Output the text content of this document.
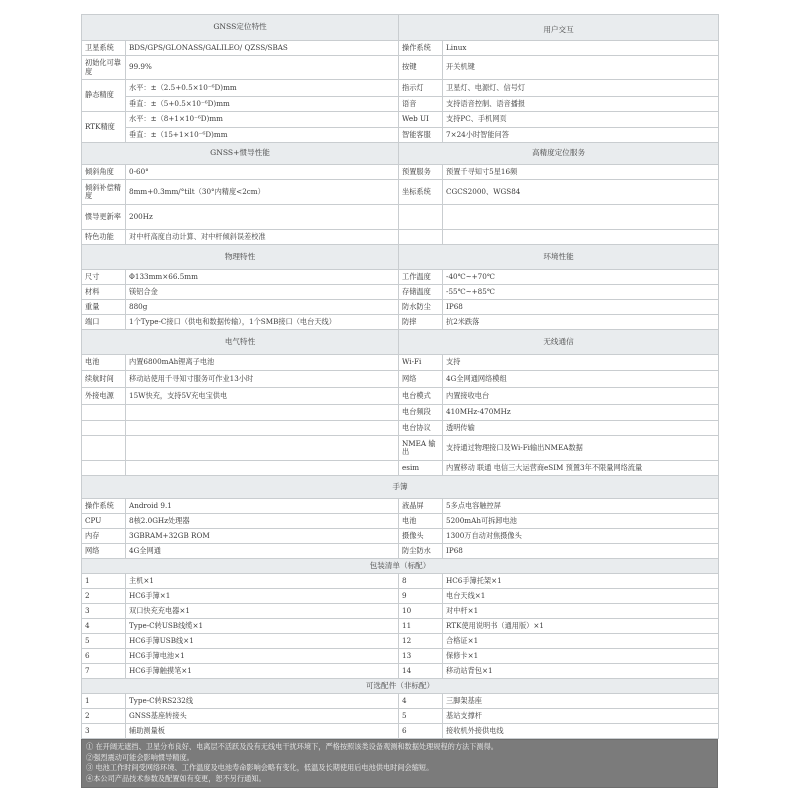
GNSS定位特性		用户交互	
卫星系统	BDS/GPS/GLONASS/GALILEO/ QZSS/SBAS	操作系统	Linux
初始化可靠度	99.9%	按键	开关机键
静态精度	水平：±（2.5+0.5×10⁻⁶D)mm	指示灯	卫星灯、电源灯、信号灯
	垂直：±（5+0.5×10⁻⁶D)mm	语音	支持语音控制、语音播报
RTK精度	水平：±（8+1×10⁻⁶D)mm	Web UI	支持PC、手机网页
	垂直：±（15+1×10⁻⁶D)mm	智能客服	7×24小时智能问答
GNSS+惯导性能		高精度定位服务	
倾斜角度	0-60°	预置服务	预置千寻知寸5星16频
倾斜补偿精度	8mm+0.3mm/°tilt（30°内精度<2cm）	坐标系统	CGCS2000、WGS84
惯导更新率	200Hz		
特色功能	对中杆高度自动计算、对中杆倾斜误差校准		
物理特性		环境性能	
尺寸	Φ133mm×66.5mm	工作温度	-40℃~+70℃
材料	镁铝合金	存储温度	-55℃~+85℃
重量	880g	防水防尘	IP68
端口	1个Type-C接口（供电和数据传输），1个SMB接口（电台天线）	防摔	抗2米跌落
电气特性		无线通信	
电池	内置6800mAh锂离子电池	Wi-Fi	支持
续航时间	移动站使用千寻知寸服务可作业13小时	网络	4G全网通网络模组
外接电源	15W快充，支持5V充电宝供电	电台模式	内置接收电台
		电台频段	410MHz-470MHz
		电台协议	透明传输
		NMEA 输出	支持通过物理接口及Wi-Fi输出NMEA数据
		esim	内置移动 联通 电信三大运营商eSIM 预置3年不限量网络流量
手簿			
操作系统	Android 9.1	液晶屏	5多点电容触控屏
CPU	8核2.0GHz处理器	电池	5200mAh可拆卸电池
内存	3GBRAM+32GB ROM	摄像头	1300万自动对焦摄像头
网络	4G全网通	防尘防水	IP68
包装清单（标配）			
1	主机×1	8	HC6手簿托架×1
2	HC6手簿×1	9	电台天线×1
3	双口快充充电器×1	10	对中杆×1
4	Type-C转USB线缆×1	11	RTK使用说明书（通用版）×1
5	HC6手簿USB线×1	12	合格证×1
6	HC6手簿电池×1	13	保修卡×1
7	HC6手簿触摸笔×1	14	移动站背包×1
可选配件（非标配）			
1	Type-C转RS232线	4	三脚架基座
2	GNSS基座转接头	5	基站支撑杆
3	辅助测量板	6	接收机外接供电线
① 在开阔无遮挡、卫星分布良好、电离层不活跃及没有无线电干扰环境下，严格按照该类设备观测和数据处理规程的方法下测得。
②强烈震动可能会影响惯导精度。
③ 电池工作时间受网络环境、工作温度及电池寿命影响会略有变化，低温及长期使用后电池供电时间会缩短。
④本公司产品技术参数及配置如有变更，恕不另行通知。
